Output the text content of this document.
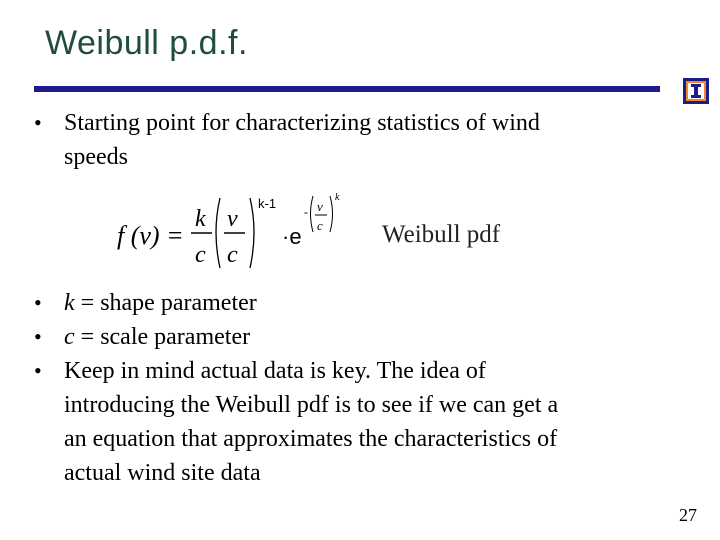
Weibull p.d.f.
• Starting point for characterizing statistics of wind
speeds
f (v) =
k
c
v
c
k-1
·e
- v
c
k
Weibull pdf
• k = shape parameter
• c = scale parameter
• Keep in mind actual data is key. The idea of
introducing the Weibull pdf is to see if we can get a
an equation that approximates the characteristics of
actual wind site data
27
